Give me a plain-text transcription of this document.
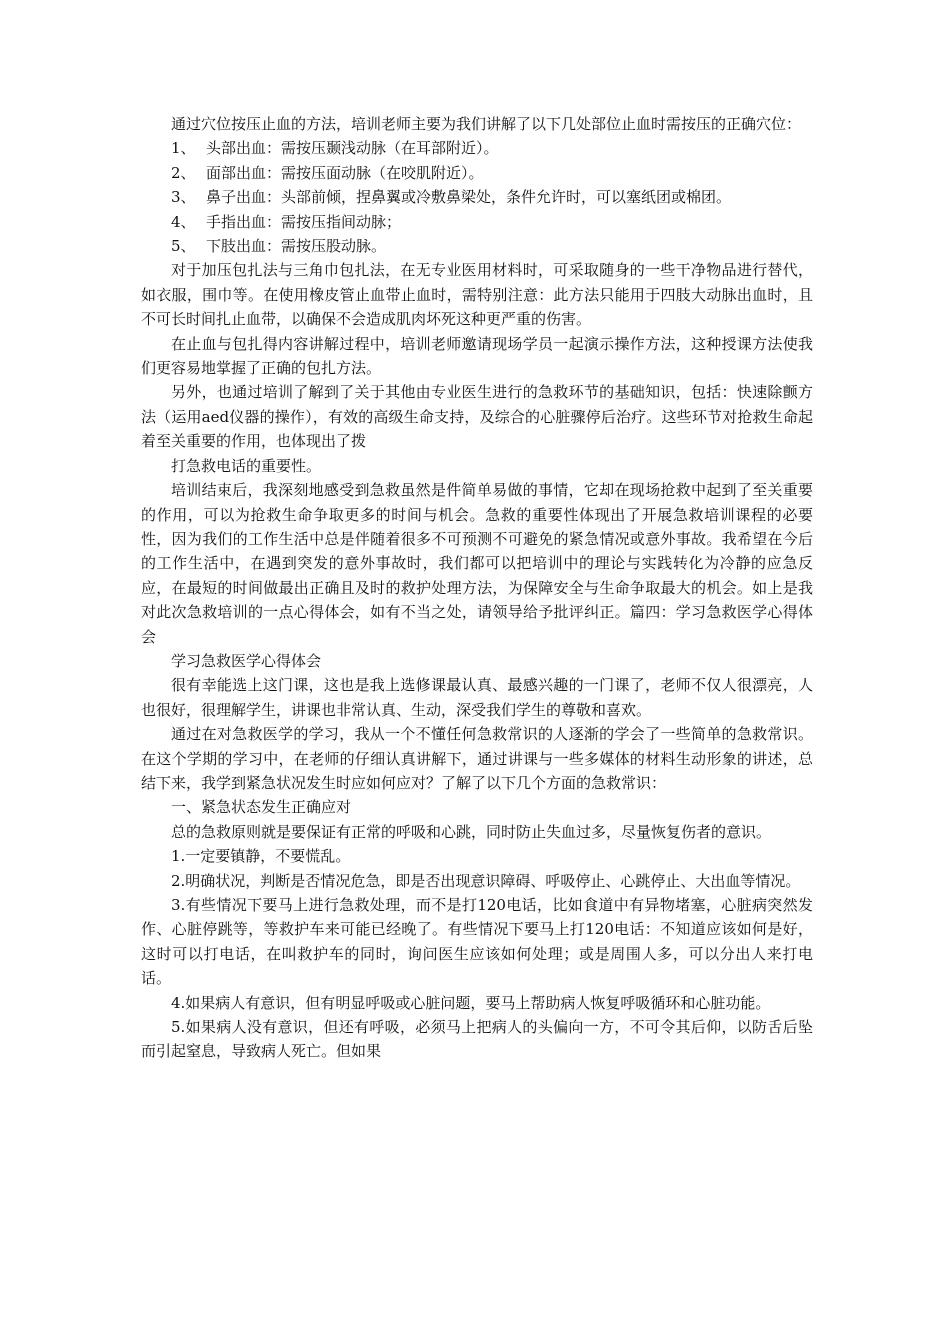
通过穴位按压止血的方法，培训老师主要为我们讲解了以下几处部位止血时需按压的正确穴位：

1、 头部出血：需按压颞浅动脉（在耳部附近）。

2、 面部出血：需按压面动脉（在咬肌附近）。

3、 鼻子出血：头部前倾，捏鼻翼或冷敷鼻梁处，条件允许时，可以塞纸团或棉团。

4、 手指出血：需按压指间动脉；

5、 下肢出血：需按压股动脉。

对于加压包扎法与三角巾包扎法，在无专业医用材料时，可采取随身的一些干净物品进行替代，如衣服，围巾等。在使用橡皮管止血带止血时，需特别注意：此方法只能用于四肢大动脉出血时，且不可长时间扎止血带，以确保不会造成肌肉坏死这种更严重的伤害。

在止血与包扎得内容讲解过程中，培训老师邀请现场学员一起演示操作方法，这种授课方法使我们更容易地掌握了正确的包扎方法。

另外，也通过培训了解到了关于其他由专业医生进行的急救环节的基础知识，包括：快速除颤方法（运用aed仪器的操作），有效的高级生命支持，及综合的心脏骤停后治疗。这些环节对抢救生命起着至关重要的作用，也体现出了拨

打急救电话的重要性。

培训结束后，我深刻地感受到急救虽然是件简单易做的事情，它却在现场抢救中起到了至关重要的作用，可以为抢救生命争取更多的时间与机会。急救的重要性体现出了开展急救培训课程的必要性，因为我们的工作生活中总是伴随着很多不可预测不可避免的紧急情况或意外事故。我希望在今后的工作生活中，在遇到突发的意外事故时，我们都可以把培训中的理论与实践转化为冷静的应急反应，在最短的时间做最出正确且及时的救护处理方法，为保障安全与生命争取最大的机会。如上是我对此次急救培训的一点心得体会，如有不当之处，请领导给予批评纠正。篇四：学习急救医学心得体会

学习急救医学心得体会

很有幸能选上这门课，这也是我上选修课最认真、最感兴趣的一门课了，老师不仅人很漂亮，人也很好，很理解学生，讲课也非常认真、生动，深受我们学生的尊敬和喜欢。

通过在对急救医学的学习，我从一个不懂任何急救常识的人逐渐的学会了一些简单的急救常识。在这个学期的学习中，在老师的仔细认真讲解下，通过讲课与一些多媒体的材料生动形象的讲述，总结下来，我学到紧急状况发生时应如何应对？了解了以下几个方面的急救常识：

一、紧急状态发生正确应对

总的急救原则就是要保证有正常的呼吸和心跳，同时防止失血过多，尽量恢复伤者的意识。

1.一定要镇静，不要慌乱。

2.明确状况，判断是否情况危急，即是否出现意识障碍、呼吸停止、心跳停止、大出血等情况。

3.有些情况下要马上进行急救处理，而不是打120电话，比如食道中有异物堵塞，心脏病突然发作、心脏停跳等，等救护车来可能已经晚了。有些情况下要马上打120电话：不知道应该如何是好，这时可以打电话，在叫救护车的同时，询问医生应该如何处理；或是周围人多，可以分出人来打电话。

4.如果病人有意识，但有明显呼吸或心脏问题，要马上帮助病人恢复呼吸循环和心脏功能。

5.如果病人没有意识，但还有呼吸，必须马上把病人的头偏向一方，不可令其后仰，以防舌后坠而引起窒息，导致病人死亡。但如果
